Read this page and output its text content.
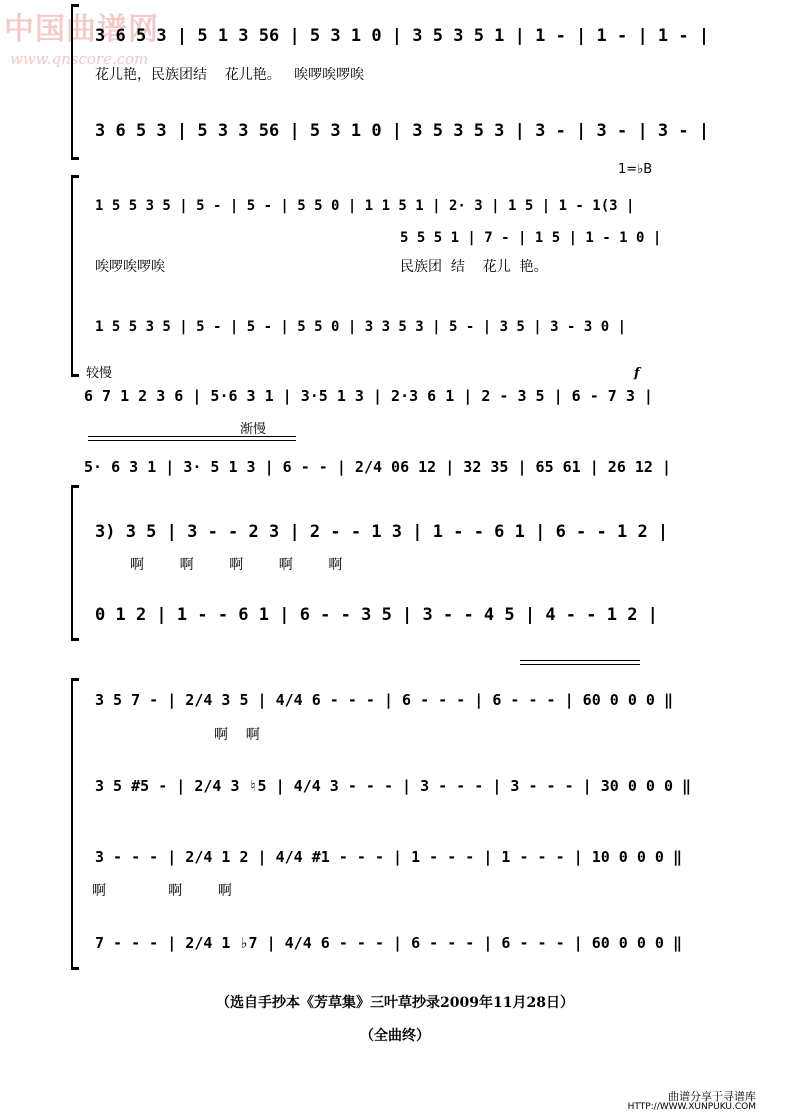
中国曲谱网
www.qnscore.com
3 6 5 3 | 5 1 3 56 | 5 3 1 0 | 3 5 3 5 1 | 1 - | 1 - | 1 - |
花儿艳，民族团结    花儿艳。   唉啰唉啰唉
3 6 5 3 | 5 3 3 56 | 5 3 1 0 | 3 5 3 5 3 | 3 - | 3 - | 3 - |
1=♭B
1 5 5 3 5 | 5 - | 5 - | 5 5 0 | 1 1 5 1 | 2· 3 | 1 5 | 1 - 1(3 |
5 5 5 1 | 7 - | 1 5 | 1 - 1 0 |
唉啰唉啰唉	民族团  结    花儿  艳。
1 5 5 3 5 | 5 - | 5 - | 5 5 0 | 3 3 5 3 | 5 - | 3 5 | 3 - 3 0 |
较慢	f
6 7 1 2 3 6 | 5·6 3 1 | 3·5 1 3 | 2·3 6 1 | 2 - 3 5 | 6 - 7 3 |
渐慢
5· 6 3 1 | 3· 5 1 3 | 6 - - | 2/4 06 12 | 32 35 | 65 61 | 26 12 |
3) 3 5 | 3 - - 2 3 | 2 - - 1 3 | 1 - - 6 1 | 6 - - 1 2 |
啊        啊        啊        啊        啊
0 1 2 | 1 - - 6 1 | 6 - - 3 5 | 3 - - 4 5 | 4 - - 1 2 |
3 5 7 - | 2/4 3 5 | 4/4 6 - - - | 6 - - - | 6 - - - | 60 0 0 0 ‖
啊    啊
3 5 #5 - | 2/4 3 ♮5 | 4/4 3 - - - | 3 - - - | 3 - - - | 30 0 0 0 ‖
3 - - - | 2/4 1 2 | 4/4 #1 - - - | 1 - - - | 1 - - - | 10 0 0 0 ‖
啊              啊        啊
7 - - - | 2/4 1 ♭7 | 4/4 6 - - - | 6 - - - | 6 - - - | 60 0 0 0 ‖
（选自手抄本《芳草集》三叶草抄录2009年11月28日）
（全曲终）
曲谱分享于寻谱库
HTTP://WWW.XUNPUKU.COM
